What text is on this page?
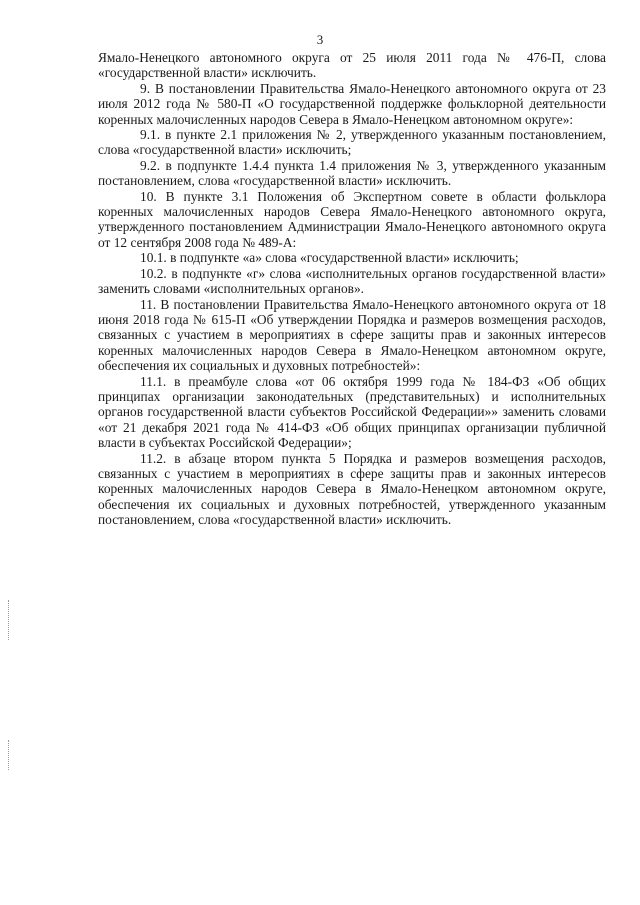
3

Ямало-Ненецкого автономного округа от 25 июля 2011 года № 476-П, слова «государственной власти» исключить.

9. В постановлении Правительства Ямало-Ненецкого автономного округа от 23 июля 2012 года № 580-П «О государственной поддержке фольклорной деятельности коренных малочисленных народов Севера в Ямало-Ненецком автономном округе»:

9.1. в пункте 2.1 приложения № 2, утвержденного указанным постановлением, слова «государственной власти» исключить;

9.2. в подпункте 1.4.4 пункта 1.4 приложения № 3, утвержденного указанным постановлением, слова «государственной власти» исключить.

10. В пункте 3.1 Положения об Экспертном совете в области фольклора коренных малочисленных народов Севера Ямало-Ненецкого автономного округа, утвержденного постановлением Администрации Ямало-Ненецкого автономного округа от 12 сентября 2008 года № 489-А:

10.1. в подпункте «а» слова «государственной власти» исключить;

10.2. в подпункте «г» слова «исполнительных органов государственной власти» заменить словами «исполнительных органов».

11. В постановлении Правительства Ямало-Ненецкого автономного округа от 18 июня 2018 года № 615-П «Об утверждении Порядка и размеров возмещения расходов, связанных с участием в мероприятиях в сфере защиты прав и законных интересов коренных малочисленных народов Севера в Ямало-Ненецком автономном округе, обеспечения их социальных и духовных потребностей»:

11.1. в преамбуле слова «от 06 октября 1999 года № 184-ФЗ «Об общих принципах организации законодательных (представительных) и исполнительных органов государственной власти субъектов Российской Федерации»» заменить словами «от 21 декабря 2021 года № 414-ФЗ «Об общих принципах организации публичной власти в субъектах Российской Федерации»;

11.2. в абзаце втором пункта 5 Порядка и размеров возмещения расходов, связанных с участием в мероприятиях в сфере защиты прав и законных интересов коренных малочисленных народов Севера в Ямало-Ненецком автономном округе, обеспечения их социальных и духовных потребностей, утвержденного указанным постановлением, слова «государственной власти» исключить.
